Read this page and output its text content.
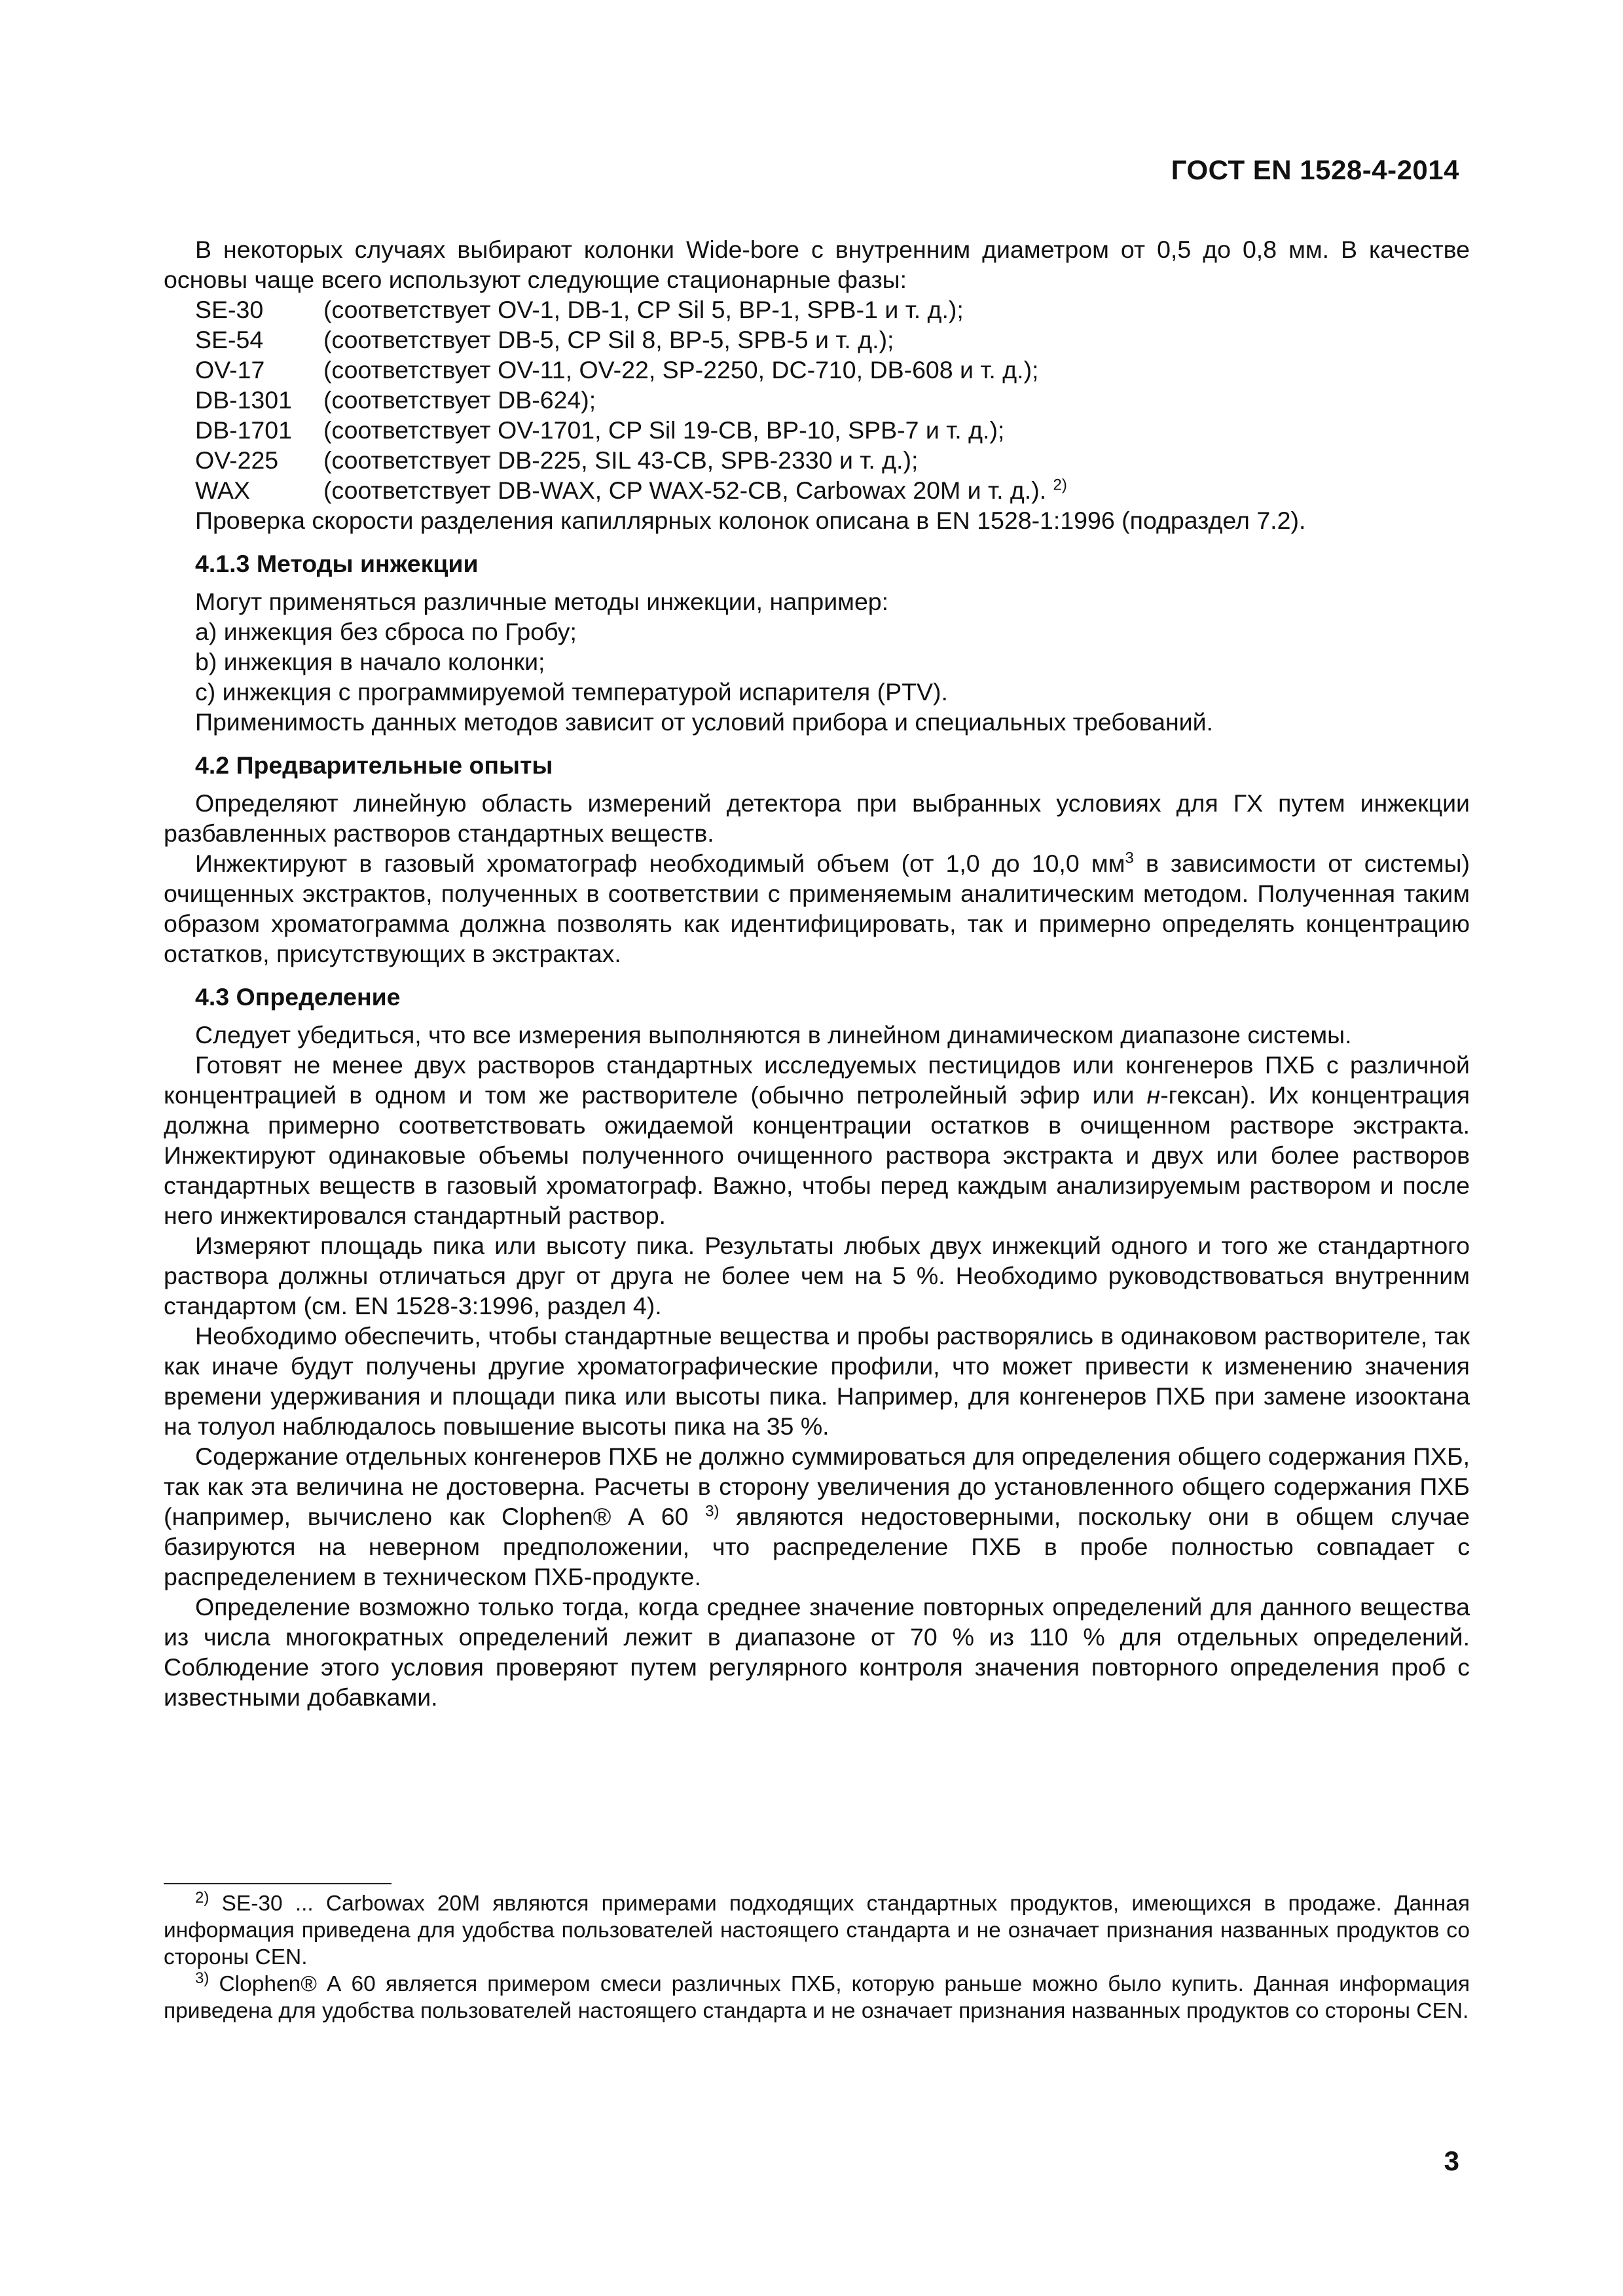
ГОСТ EN 1528-4-2014

В некоторых случаях выбирают колонки Wide-bore с внутренним диаметром от 0,5 до 0,8 мм. В качестве основы чаще всего используют следующие стационарные фазы:

SE-30	(соответствует OV-1, DB-1, CP Sil 5, BP-1, SPB-1 и т. д.);
SE-54	(соответствует DB-5, CP Sil 8, BP-5, SPB-5 и т. д.);
OV-17	(соответствует OV-11, OV-22, SP-2250, DC-710, DB-608 и т. д.);
DB-1301	(соответствует DB-624);
DB-1701	(соответствует OV-1701, CP Sil 19-CB, BP-10, SPB-7 и т. д.);
OV-225	(соответствует DB-225, SIL 43-CB, SPB-2330 и т. д.);
WAX	(соответствует DB-WAX, CP WAX-52-CB, Carbowax 20M и т. д.). $^{2)}$

Проверка скорости разделения капиллярных колонок описана в EN 1528-1:1996 (подраздел 7.2).

4.1.3 Методы инжекции

Могут применяться различные методы инжекции, например:

a) инжекция без сброса по Гробу;

b) инжекция в начало колонки;

c) инжекция с программируемой температурой испарителя (PTV).

Применимость данных методов зависит от условий прибора и специальных требований.

4.2 Предварительные опыты

Определяют линейную область измерений детектора при выбранных условиях для ГХ путем инжекции разбавленных растворов стандартных веществ.

Инжектируют в газовый хроматограф необходимый объем (от 1,0 до 10,0 $мм^3$ в зависимости от системы) очищенных экстрактов, полученных в соответствии с применяемым аналитическим методом. Полученная таким образом хроматограмма должна позволять как идентифицировать, так и примерно определять концентрацию остатков, присутствующих в экстрактах.

4.3 Определение

Следует убедиться, что все измерения выполняются в линейном динамическом диапазоне системы.

Готовят не менее двух растворов стандартных исследуемых пестицидов или конгенеров ПХБ с различной концентрацией в одном и том же растворителе (обычно петролейный эфир или н-гексан). Их концентрация должна примерно соответствовать ожидаемой концентрации остатков в очищенном растворе экстракта. Инжектируют одинаковые объемы полученного очищенного раствора экстракта и двух или более растворов стандартных веществ в газовый хроматограф. Важно, чтобы перед каждым анализируемым раствором и после него инжектировался стандартный раствор.

Измеряют площадь пика или высоту пика. Результаты любых двух инжекций одного и того же стандартного раствора должны отличаться друг от друга не более чем на 5 %. Необходимо руководствоваться внутренним стандартом (см. EN 1528-3:1996, раздел 4).

Необходимо обеспечить, чтобы стандартные вещества и пробы растворялись в одинаковом растворителе, так как иначе будут получены другие хроматографические профили, что может привести к изменению значения времени удерживания и площади пика или высоты пика. Например, для конгенеров ПХБ при замене изооктана на толуол наблюдалось повышение высоты пика на 35 %.

Содержание отдельных конгенеров ПХБ не должно суммироваться для определения общего содержания ПХБ, так как эта величина не достоверна. Расчеты в сторону увеличения до установленного общего содержания ПХБ (например, вычислено как Clophen® А 60 $^{3)}$ являются недостоверными, поскольку они в общем случае базируются на неверном предположении, что распределение ПХБ в пробе полностью совпадает с распределением в техническом ПХБ-продукте.

Определение возможно только тогда, когда среднее значение повторных определений для данного вещества из числа многократных определений лежит в диапазоне от 70 % из 110 % для отдельных определений. Соблюдение этого условия проверяют путем регулярного контроля значения повторного определения проб с известными добавками.

$^{2)}$ SE-30 ... Carbowax 20M являются примерами подходящих стандартных продуктов, имеющихся в продаже. Данная информация приведена для удобства пользователей настоящего стандарта и не означает признания названных продуктов со стороны CEN.

$^{3)}$ Clophen® А 60 является примером смеси различных ПХБ, которую раньше можно было купить. Данная информация приведена для удобства пользователей настоящего стандарта и не означает признания названных продуктов со стороны CEN.

3
